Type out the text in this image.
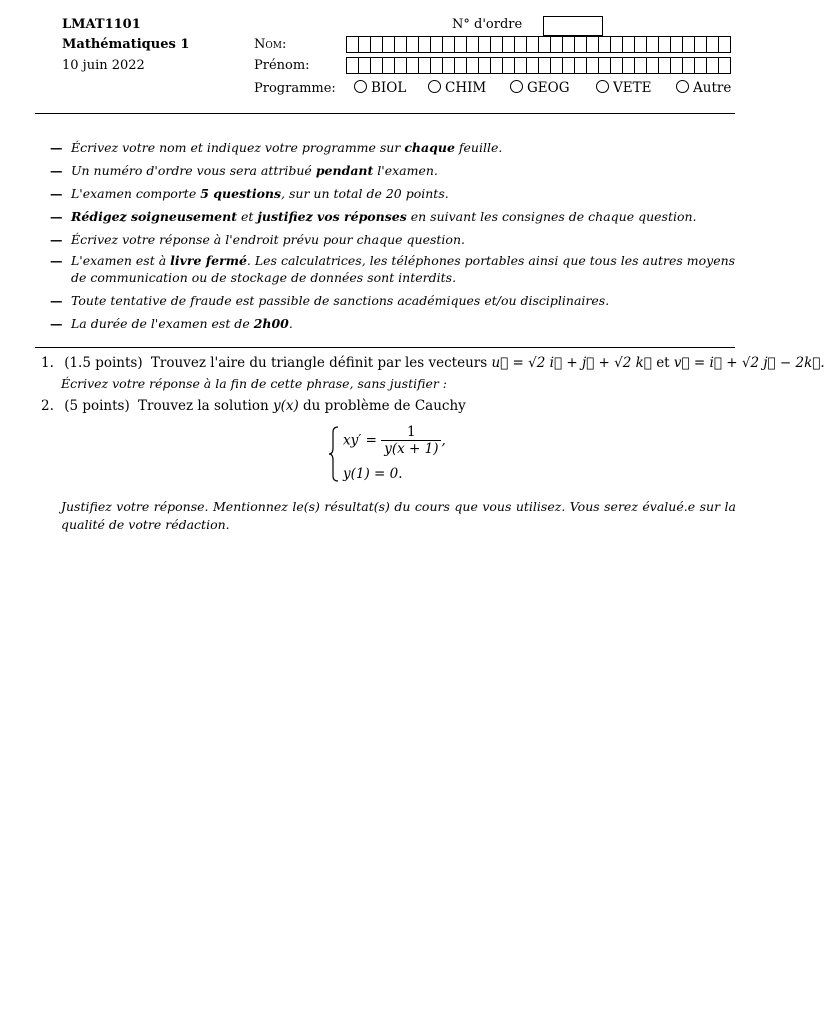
LMAT1101
Mathématiques 1
10 juin 2022
N° d'ordre
Nom:
Prénom:
Programme:	BIOL	CHIM	GEOG	VETE	Autre
— Écrivez votre nom et indiquez votre programme sur chaque feuille.
— Un numéro d'ordre vous sera attribué pendant l'examen.
— L'examen comporte 5 questions, sur un total de 20 points.
— Rédigez soigneusement et justifiez vos réponses en suivant les consignes de chaque question.
— Écrivez votre réponse à l'endroit prévu pour chaque question.
— L'examen est à livre fermé. Les calculatrices, les téléphones portables ainsi que tous les autres moyens de communication ou de stockage de données sont interdits.
— Toute tentative de fraude est passible de sanctions académiques et/ou disciplinaires.
— La durée de l'examen est de 2h00.
1. (1.5 points) Trouvez l'aire du triangle définit par les vecteurs u⃗ = √2 i⃗ + j⃗ + √2 k⃗ et v⃗ = i⃗ + √2 j⃗ − 2k⃗.
Écrivez votre réponse à la fin de cette phrase, sans justifier :
2. (5 points) Trouvez la solution y(x) du problème de Cauchy
$xy' = \frac{1}{y(x + 1)}$ ,
y(1) = 0.
Justifiez votre réponse. Mentionnez le(s) résultat(s) du cours que vous utilisez. Vous serez évalué.e sur la qualité de votre rédaction.
